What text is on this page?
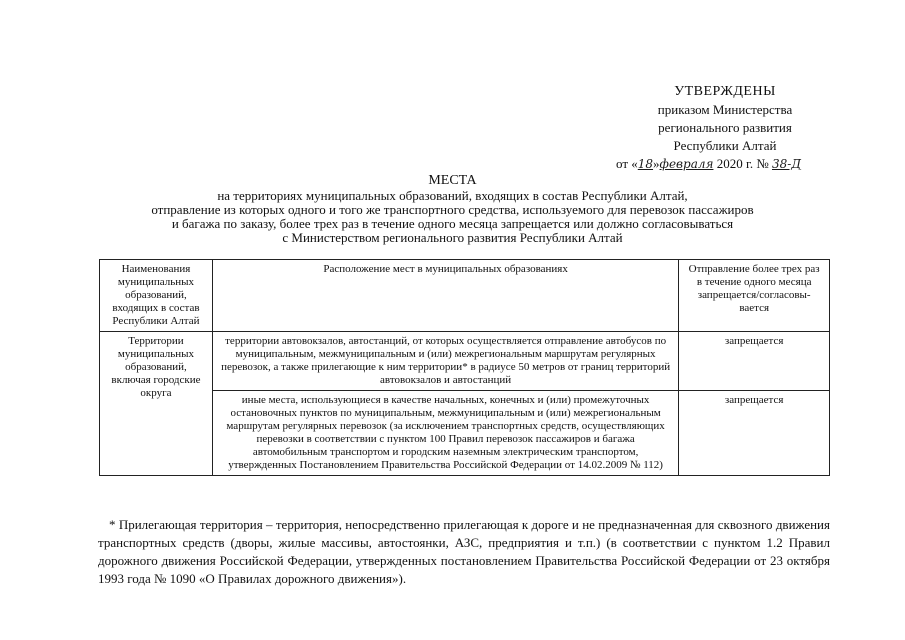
УТВЕРЖДЕНЫ
приказом Министерства
регионального развития
Республики Алтай
от «18»февраля 2020 г. № 38-Д
МЕСТА
на территориях муниципальных образований, входящих в состав Республики Алтай,
отправление из которых одного и того же транспортного средства, используемого для перевозок пассажиров
и багажа по заказу, более трех раз в течение одного месяца запрещается или должно согласовываться
с Министерством регионального развития Республики Алтай
Наименования муниципальных образований, входящих в состав Республики Алтай	Расположение мест в муниципальных образованиях	Отправление более трех раз в течение одного месяца запрещается/согласовы-вается
Территории муниципальных образований, включая городские округа	территории автовокзалов, автостанций, от которых осуществляется отправление автобусов по муниципальным, межмуниципальным и (или) межрегиональным маршрутам регулярных перевозок, а также прилегающие к ним территории* в радиусе 50 метров от границ территорий автовокзалов и автостанций	запрещается
	иные места, использующиеся в качестве начальных, конечных и (или) промежуточных остановочных пунктов по муниципальным, межмуниципальным и (или) межрегиональным маршрутам регулярных перевозок (за исключением транспортных средств, осуществляющих перевозки в соответствии с пунктом 100 Правил перевозок пассажиров и багажа автомобильным транспортом и городским наземным электрическим транспортом, утвержденных Постановлением Правительства Российской Федерации от 14.02.2009 № 112)	запрещается
* Прилегающая территория – территория, непосредственно прилегающая к дороге и не предназначенная для сквозного движения транспортных средств (дворы, жилые массивы, автостоянки, АЗС, предприятия и т.п.) (в соответствии с пунктом 1.2 Правил дорожного движения Российской Федерации, утвержденных постановлением Правительства Российской Федерации от 23 октября 1993 года № 1090 «О Правилах дорожного движения»).
